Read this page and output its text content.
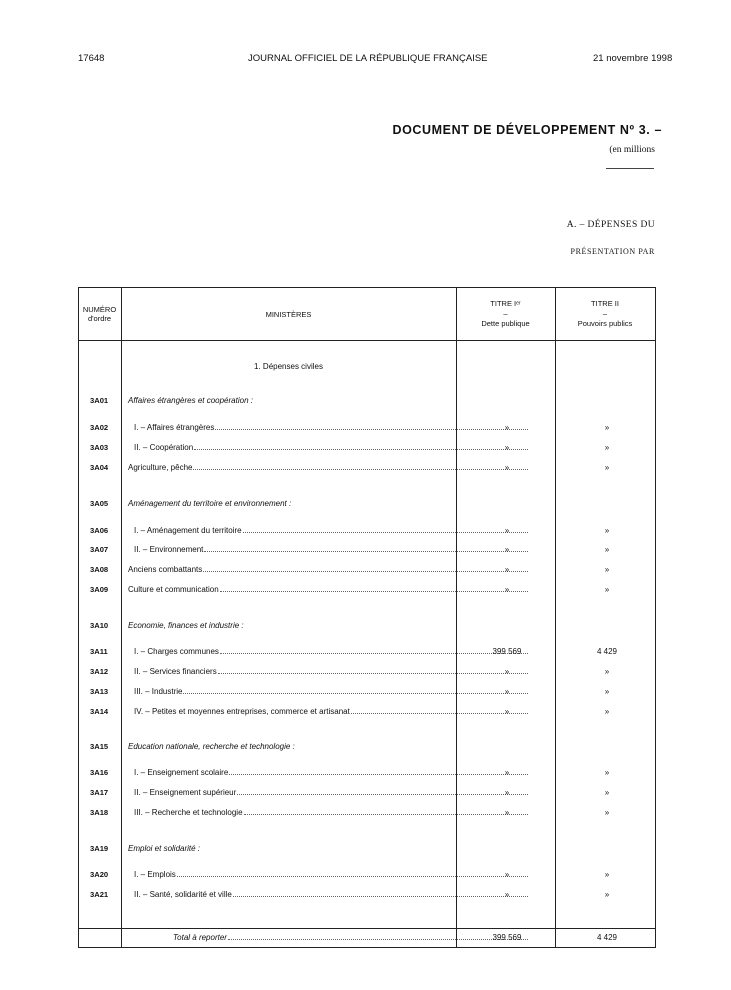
17648	JOURNAL OFFICIEL DE LA RÉPUBLIQUE FRANÇAISE	21 novembre 1998
DOCUMENT DE DÉVELOPPEMENT Nº 3. –
(en millions
A. – DÉPENSES DU
PRÉSENTATION PAR
NUMÉRO
d'ordre	MINISTÈRES
TITRE Iᵉʳ
–
Dette publique
TITRE II
–
Pouvoirs publics
1. Dépenses civiles
3A01 Affaires étrangères et coopération :
3A02	I. – Affaires étrangères	»	»
3A03	II. – Coopération	»	»
3A04 Agriculture, pêche	»	»
3A05 Aménagement du territoire et environnement :
3A06	I. – Aménagement du territoire	»	»
3A07	II. – Environnement	»	»
3A08 Anciens combattants	»	»
3A09 Culture et communication	»	»
3A10 Economie, finances et industrie :
3A11	I. – Charges communes	399 569	4 429
3A12	II. – Services financiers	»	»
3A13	III. – Industrie	»	»
3A14	IV. – Petites et moyennes entreprises, commerce et artisanat	»	»
3A15 Education nationale, recherche et technologie :
3A16	I. – Enseignement scolaire	»	»
3A17	II. – Enseignement supérieur	»	»
3A18	III. – Recherche et technologie	»	»
3A19 Emploi et solidarité :
3A20	I. – Emplois	»	»
3A21	II. – Santé, solidarité et ville	»	»
Total à reporter	399 569	4 429
